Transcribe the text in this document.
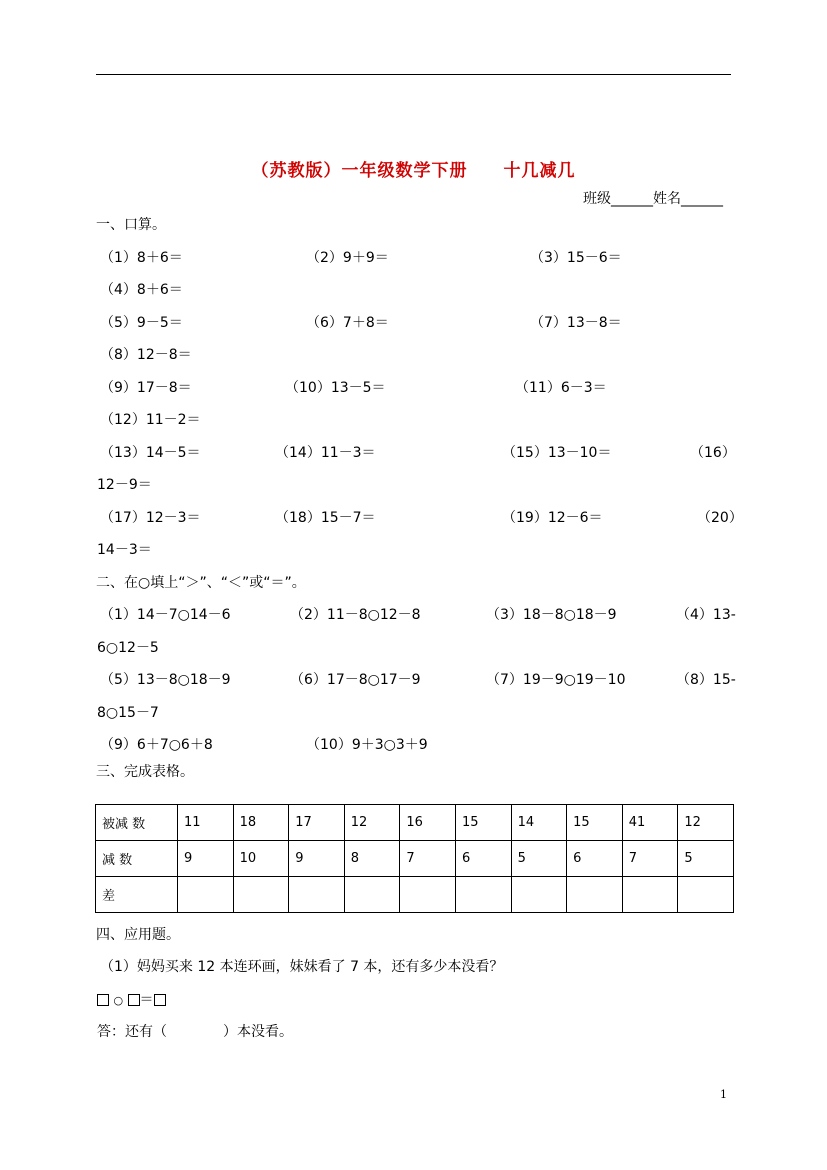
（苏教版）一年级数学下册　　十几减几
班级______姓名______
一、口算。
（1）8＋6＝	（2）9＋9＝	（3）15－6＝
（4）8＋6＝
（5）9－5＝	（6）7＋8＝	（7）13－8＝
（8）12－8＝
（9）17－8＝	（10）13－5＝	（11）6－3＝
（12）11－2＝
（13）14－5＝	（14）11－3＝	（15）13－10＝	（16）
12－9＝
（17）12－3＝	（18）15－7＝	（19）12－6＝	（20）
14－3＝
二、在○填上“＞”、“＜”或“＝”。
（1）14－7○14－6	（2）11－8○12－8	（3）18－8○18－9	（4）13-
6○12－5
（5）13－8○18－9	（6）17－8○17－9	（7）19－9○19－10	（8）15-
8○15－7
（9）6＋7○6＋8	（10）9＋3○3＋9
三、完成表格。
被减 数	11	18	17	12	16	15	14	15	41	12
减 数	9	10	9	8	7	6	5	6	7	5
差										
四、应用题。
（1）妈妈买来 12 本连环画，妹妹看了 7 本，还有多少本没看？
○ ＝
答：还有（　　　　）本没看。
1
